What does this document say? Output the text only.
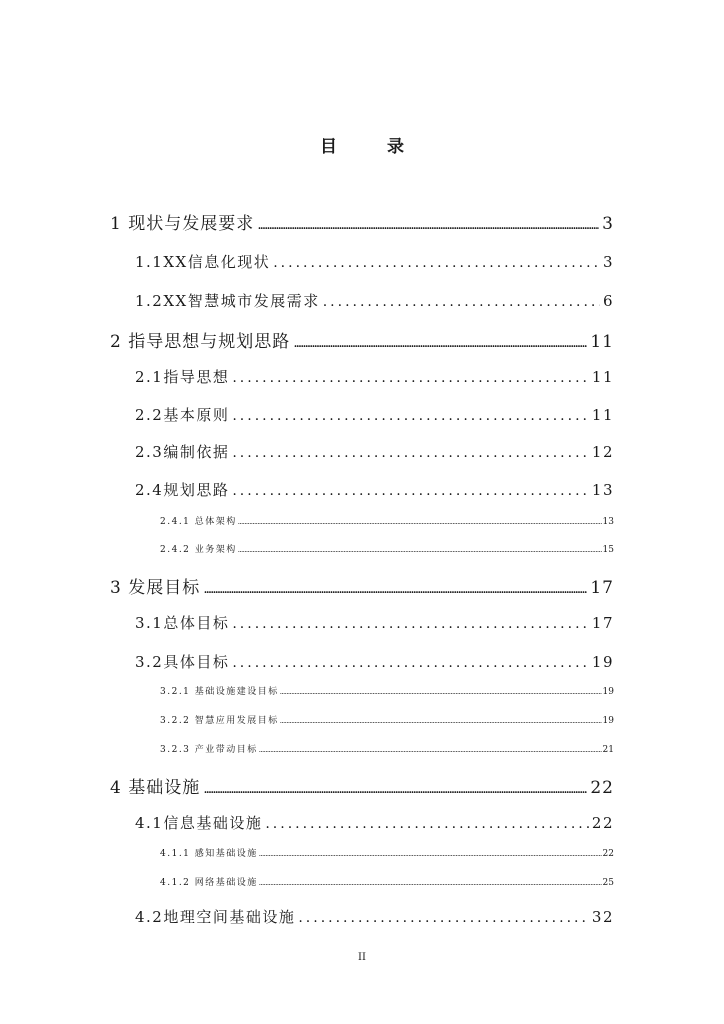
目 录
1 现状与发展要求 .....	3
1.1XX信息化现状 .....	3
1.2XX智慧城市发展需求 .....	6
2 指导思想与规划思路 .....	11
2.1指导思想 .....	11
2.2基本原则 .....	11
2.3编制依据 .....	12
2.4规划思路 .....	13
2.4.1 总体架构 .....	13
2.4.2 业务架构 .....	15
3 发展目标 .....	17
3.1总体目标 .....	17
3.2具体目标 .....	19
3.2.1 基础设施建设目标 .....	19
3.2.2 智慧应用发展目标 .....	19
3.2.3 产业带动目标 .....	21
4 基础设施 .....	22
4.1信息基础设施 .....	22
4.1.1 感知基础设施 .....	22
4.1.2 网络基础设施 .....	25
4.2地理空间基础设施 .....	32
II
